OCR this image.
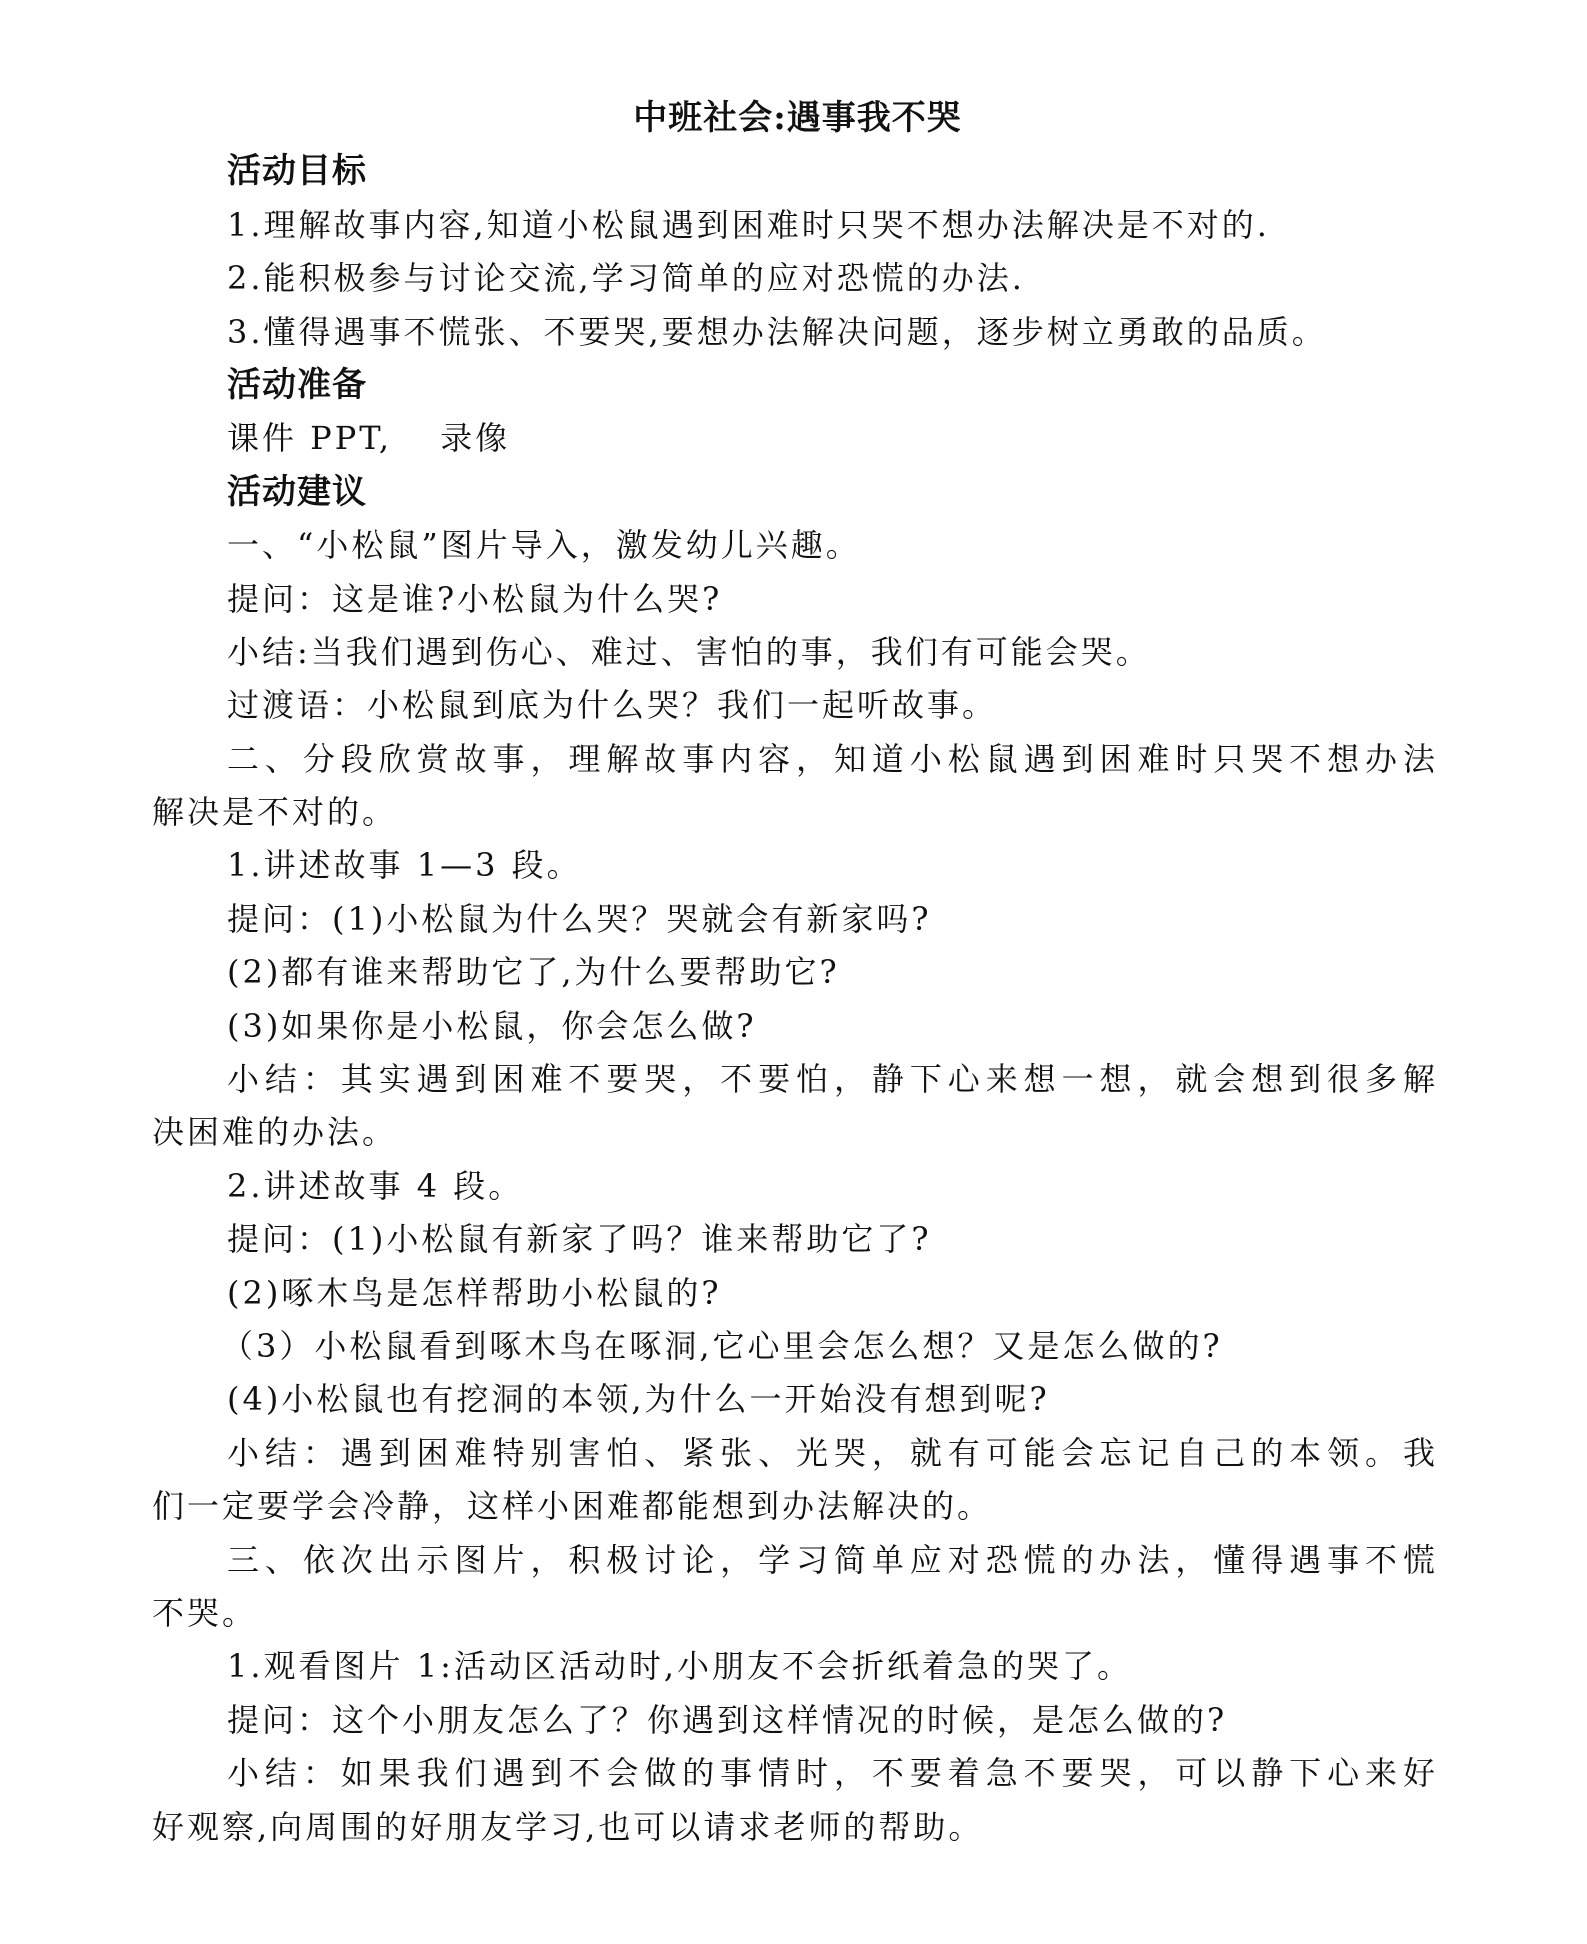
中班社会:遇事我不哭
活动目标
1.理解故事内容,知道小松鼠遇到困难时只哭不想办法解决是不对的.
2.能积极参与讨论交流,学习简单的应对恐慌的办法.
3.懂得遇事不慌张、不要哭,要想办法解决问题，逐步树立勇敢的品质。
活动准备
课件 PPT,　 录像
活动建议
一、“小松鼠”图片导入，激发幼儿兴趣。
提问：这是谁?小松鼠为什么哭?
小结:当我们遇到伤心、难过、害怕的事，我们有可能会哭。
过渡语：小松鼠到底为什么哭？我们一起听故事。
二、分段欣赏故事，理解故事内容，知道小松鼠遇到困难时只哭不想办法
解决是不对的。
1.讲述故事 1—3 段。
提问：(1)小松鼠为什么哭？哭就会有新家吗?
(2)都有谁来帮助它了,为什么要帮助它?
(3)如果你是小松鼠，你会怎么做?
小结：其实遇到困难不要哭，不要怕，静下心来想一想，就会想到很多解
决困难的办法。
2.讲述故事 4 段。
提问：(1)小松鼠有新家了吗？谁来帮助它了?
(2)啄木鸟是怎样帮助小松鼠的?
（3）小松鼠看到啄木鸟在啄洞,它心里会怎么想？又是怎么做的?
(4)小松鼠也有挖洞的本领,为什么一开始没有想到呢?
小结：遇到困难特别害怕、紧张、光哭，就有可能会忘记自己的本领。我
们一定要学会冷静，这样小困难都能想到办法解决的。
三、依次出示图片，积极讨论，学习简单应对恐慌的办法，懂得遇事不慌
不哭。
1.观看图片 1:活动区活动时,小朋友不会折纸着急的哭了。
提问：这个小朋友怎么了？你遇到这样情况的时候，是怎么做的?
小结：如果我们遇到不会做的事情时，不要着急不要哭，可以静下心来好
好观察,向周围的好朋友学习,也可以请求老师的帮助。
